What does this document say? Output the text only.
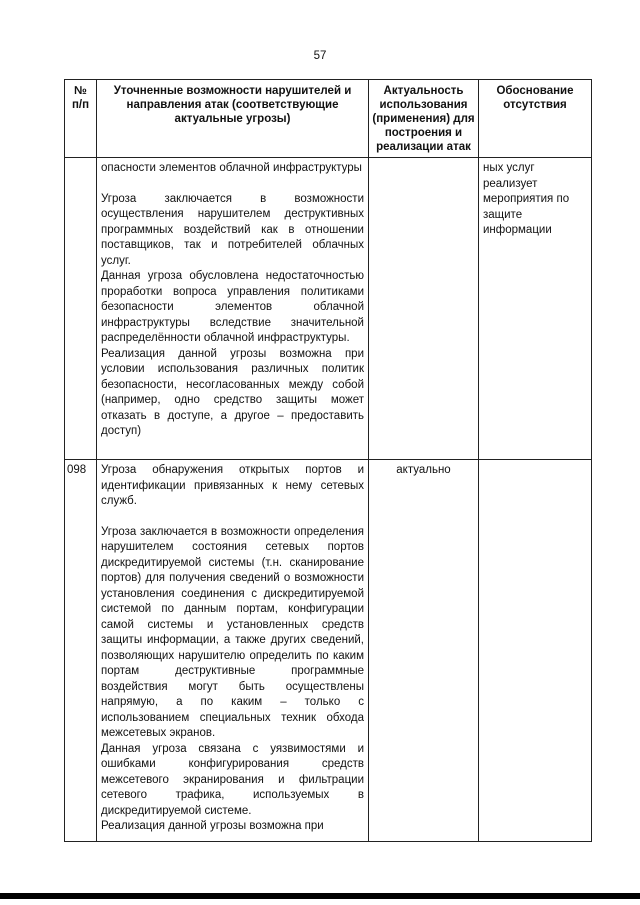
57
№ п/п	Уточненные возможности нарушителей и направления атак (соответствующие актуальные угрозы)	Актуальность использования (применения) для построения и реализации атак	Обоснование отсутствия

	опасности элементов облачной инфраструктуры

Угроза заключается в возможности осуществления нарушителем деструктивных программных воздействий как в отношении поставщиков, так и потребителей облачных услуг.

Данная угроза обусловлена недостаточностью проработки вопроса управления политиками безопасности элементов облачной инфраструктуры вследствие значительной распределённости облачной инфраструктуры.

Реализация данной угрозы возможна при условии использования различных политик безопасности, несогласованных между собой (например, одно средство защиты может отказать в доступе, а другое – предоставить доступ)		ных услуг реализует мероприятия по защите информации
098	Угроза обнаружения открытых портов и идентификации привязанных к нему сетевых служб.

Угроза заключается в возможности определения нарушителем состояния сетевых портов дискредитируемой системы (т.н. сканирование портов) для получения сведений о возможности установления соединения с дискредитируемой системой по данным портам, конфигурации самой системы и установленных средств защиты информации, а также других сведений, позволяющих нарушителю определить по каким портам деструктивные программные воздействия могут быть осуществлены напрямую, а по каким – только с использованием специальных техник обхода межсетевых экранов.

Данная угроза связана с уязвимостями и ошибками конфигурирования средств межсетевого экранирования и фильтрации сетевого трафика, используемых в дискредитируемой системе.

Реализация данной угрозы возможна при	актуально	
